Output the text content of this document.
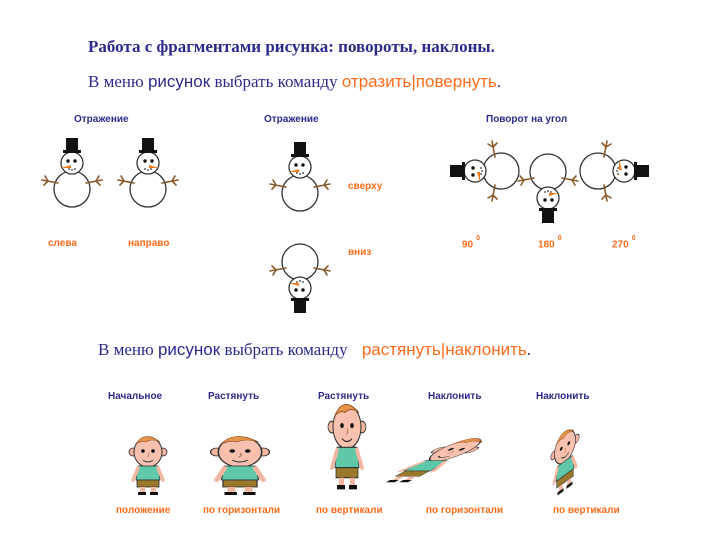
Работа с фрагментами рисунка: повороты, наклоны.
В меню рисунок выбрать команду отразить|повернуть.
Отражение	Отражение	Поворот на угол
слева	направо
сверху
вниз
$90^0$
$180^0$
$270^0$
В меню рисунок выбрать команду растянуть|наклонить.
Начальное	Растянуть	Растянуть	Наклонить	Наклонить
положение	по горизонтали	по вертикали	по горизонтали	по вертикали
